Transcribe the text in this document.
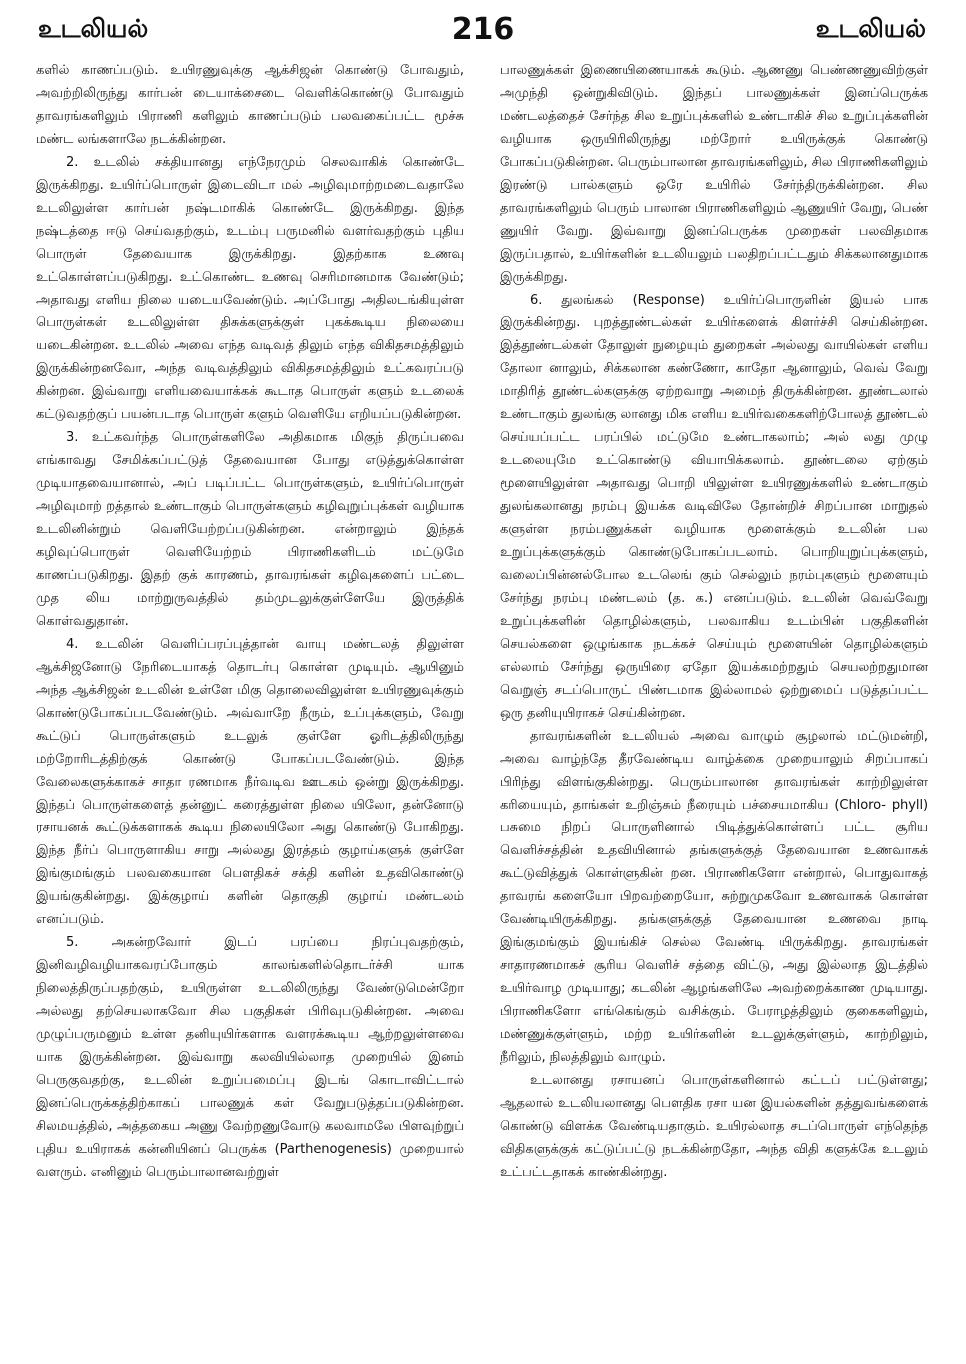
உடலியல்	216	உடலியல்

களில் காணப்படும். உயிரணுவுக்கு ஆக்சிஜன் கொண்டு போவதும், அவற்றிலிருந்து கார்பன் டையாக்சைடை வெளிக்கொண்டு போவதும் தாவரங்களிலும் பிராணி களிலும் காணப்படும் பலவகைப்பட்ட மூச்சு மண்ட லங்களாலே நடக்கின்றன.

2. உடலில் சக்தியானது எந்நேரமும் செலவாகிக் கொண்டே இருக்கிறது. உயிர்ப்பொருள் இடைவிடா மல் அழிவுமாற்றமடைவதாலே உடலிலுள்ள கார்பன் நஷ்டமாகிக் கொண்டே இருக்கிறது. இந்த நஷ்டத்தை ஈடு செய்வதற்கும், உடம்பு பருமனில் வளர்வதற்கும் புதிய பொருள் தேவையாக இருக்கிறது. இதற்காக உணவு உட்கொள்ளப்படுகிறது. உட்கொண்ட உணவு செரிமானமாக வேண்டும்; அதாவது எளிய நிலை யடையவேண்டும். அப்போது அதிலடங்கியுள்ள பொருள்கள் உடலிலுள்ள திசுக்களுக்குள் புகக்கூடிய நிலையை யடைகின்றன. உடலில் அவை எந்த வடிவத் திலும் எந்த விகிதசமத்திலும் இருக்கின்றனவோ, அந்த வடிவத்திலும் விகிதசமத்திலும் உட்கவரப்படு கின்றன. இவ்வாறு எளியவையாக்கக் கூடாத பொருள் களும் உடலைக் கட்டுவதற்குப் பயன்படாத பொருள் களும் வெளியே எறியப்படுகின்றன.

3. உட்கவர்ந்த பொருள்களிலே அதிகமாக மிகுந் திருப்பவை எங்காவது சேமிக்கப்பட்டுத் தேவையான போது எடுத்துக்கொள்ள முடியாதவையானால், அப் படிப்பட்ட பொருள்களும், உயிர்ப்பொருள் அழிவுமாற் றத்தால் உண்டாகும் பொருள்களும் கழிவுறுப்புக்கள் வழியாக உடலினின்றும் வெளியேற்றப்படுகின்றன. என்றாலும் இந்தக் கழிவுப்பொருள் வெளியேற்றம் பிராணிகளிடம் மட்டுமே காணப்படுகிறது. இதற் குக் காரணம், தாவரங்கள் கழிவுகளைப் பட்டை முத லிய மாற்றுருவத்தில் தம்முடலுக்குள்ளேயே இருத்திக் கொள்வதுதான்.

4. உடலின் வெளிப்பரப்புத்தான் வாயு மண்டலத் திலுள்ள ஆக்சிஜனோடு நேரிடையாகத் தொடர்பு கொள்ள முடியும். ஆயினும் அந்த ஆக்சிஜன் உடலின் உள்ளே மிகு தொலைவிலுள்ள உயிரணுவுக்கும் கொண்டுபோகப்படவேண்டும். அவ்வாறே நீரும், உப்புக்களும், வேறு கூட்டுப் பொருள்களும் உடலுக் குள்ளே ஓரிடத்திலிருந்து மற்றோரிடத்திற்குக் கொண்டு போகப்படவேண்டும். இந்த வேலைகளுக்காகச் சாதா ரணமாக நீர்வடிவ ஊடகம் ஒன்று இருக்கிறது. இந்தப் பொருள்களைத் தன்னுட் கரைத்துள்ள நிலை யிலோ, தன்னோடு ரசாயனக் கூட்டுக்களாகக் கூடிய நிலையிலோ அது கொண்டு போகிறது. இந்த நீர்ப் பொருளாகிய சாறு அல்லது இரத்தம் குழாய்களுக் குள்ளே இங்குமங்கும் பலவகையான பௌதிகச் சக்தி களின் உதவிகொண்டு இயங்குகின்றது. இக்குழாய் களின் தொகுதி குழாய் மண்டலம் எனப்படும்.

5. அகன்றவோர் இடப் பரப்பை நிரப்புவதற்கும், இனிவழிவழியாகவரப்போகும் காலங்களில்தொடர்ச்சி யாக நிலைத்திருப்பதற்கும், உயிருள்ள உடலிலிருந்து வேண்டுமென்றோ அல்லது தற்செயலாகவோ சில பகுதிகள் பிரிவுபடுகின்றன. அவை முழுப்பருமனும் உள்ள தனியுயிர்களாக வளரக்கூடிய ஆற்றலுள்ளவை யாக இருக்கின்றன. இவ்வாறு கலவியில்லாத முறையில் இனம் பெருகுவதற்கு, உடலின் உறுப்பமைப்பு இடங் கொடாவிட்டால் இனப்பெருக்கத்திற்காகப் பாலணுக் கள் வேறுபடுத்தப்படுகின்றன. சிலமயத்தில், அத்தகைய அணு வேற்றணுவோடு கலவாமலே பிளவுற்றுப் புதிய உயிராகக் கன்னியினப் பெருக்க (Parthenogenesis) முறையால் வளரும். எனினும் பெரும்பாலானவற்றுள்

பாலணுக்கள் இணையிணையாகக் கூடும். ஆணணு பெண்ணணுவிற்குள் அமுந்தி ஒன்றுகிவிடும். இந்தப் பாலணுக்கள் இனப்பெருக்க மண்டலத்தைச் சேர்ந்த சில உறுப்புக்களில் உண்டாகிச் சில உறுப்புக்களின் வழியாக ஒருயிரிலிருந்து மற்றோர் உயிருக்குக் கொண்டு போகப்படுகின்றன. பெரும்பாலான தாவரங்களிலும், சில பிராணிகளிலும் இரண்டு பால்களும் ஒரே உயிரில் சேர்ந்திருக்கின்றன. சில தாவரங்களிலும் பெரும் பாலான பிராணிகளிலும் ஆணுயிர் வேறு, பெண் ணுயிர் வேறு. இவ்வாறு இனப்பெருக்க முறைகள் பலவிதமாக இருப்பதால், உயிர்களின் உடலியலும் பலதிறப்பட்டதும் சிக்கலானதுமாக இருக்கிறது.

6. துலங்கல் (Response) உயிர்ப்பொருளின் இயல் பாக இருக்கின்றது. புறத்தூண்டல்கள் உயிர்களைக் கிளர்ச்சி செய்கின்றன. இத்தூண்டல்கள் தோலுள் நுழையும் துறைகள் அல்லது வாயில்கள் எளிய தோலா னாலும், சிக்கலான கண்ணோ, காதோ ஆனாலும், வெவ் வேறு மாதிரித் தூண்டல்களுக்கு ஏற்றவாறு அமைந் திருக்கின்றன. தூண்டலால் உண்டாகும் துலங்கு லானது மிக எளிய உயிர்வகைகளிற்போலத் தூண்டல் செய்யப்பட்ட பரப்பில் மட்டுமே உண்டாகலாம்; அல் லது முழு உடலையுமே உட்கொண்டு வியாபிக்கலாம். தூண்டலை ஏற்கும் மூளையிலுள்ள அதாவது பொறி யிலுள்ள உயிரணுக்களில் உண்டாகும் துலங்கலானது நரம்பு இயக்க வடிவிலே தோன்றிச் சிறப்பான மாறுதல் களுள்ள நரம்பணுக்கள் வழியாக மூளைக்கும் உடலின் பல உறுப்புக்களுக்கும் கொண்டுபோகப்படலாம். பொறியுறுப்புக்களும், வலைப்பின்னல்போல உடலெங் கும் செல்லும் நரம்புகளும் மூளையும் சேர்ந்து நரம்பு மண்டலம் (த. க.) எனப்படும். உடலின் வெவ்வேறு உறுப்புக்களின் தொழில்களும், பலவாகிய உடம்பின் பகுதிகளின் செயல்களை ஒழுங்காக நடக்கச் செய்யும் மூளையின் தொழில்களும் எல்லாம் சேர்ந்து ஒருயிரை ஏதோ இயக்கமற்றதும் செயலற்றதுமான வெறுஞ் சடப்பொருட் பிண்டமாக இல்லாமல் ஒற்றுமைப் படுத்தப்பட்ட ஒரு தனியுயிராகச் செய்கின்றன.

தாவரங்களின் உடலியல் அவை வாழும் சூழலால் மட்டுமன்றி, அவை வாழ்ந்தே தீரவேண்டிய வாழ்க்கை முறையாலும் சிறப்பாகப் பிரிந்து விளங்குகின்றது. பெரும்பாலான தாவரங்கள் காற்றிலுள்ள கரியையும், தாங்கள் உறிஞ்சும் நீரையும் பச்சையமாகிய (Chloro- phyll) பசுமை நிறப் பொருளினால் பிடித்துக்கொள்ளப் பட்ட சூரிய வெளிச்சத்தின் உதவியினால் தங்களுக்குத் தேவையான உணவாகக் கூட்டுவித்துக் கொள்ளுகின் றன. பிராணிகளோ என்றால், பொதுவாகத் தாவரங் களையோ பிறவற்றையோ, சுற்றுமுகவோ உணவாகக் கொள்ள வேண்டியிருக்கிறது. தங்களுக்குத் தேவையான உணவை நாடி இங்குமங்கும் இயங்கிச் செல்ல வேண்டி யிருக்கிறது. தாவரங்கள் சாதாரணமாகச் சூரிய வெளிச் சத்தை விட்டு, அது இல்லாத இடத்தில் உயிர்வாழ முடியாது; கடலின் ஆழங்களிலே அவற்றைக்காண முடியாது. பிராணிகளோ எங்கெங்கும் வசிக்கும். பேராழத்திலும் குகைகளிலும், மண்ணுக்குள்ளும், மற்ற உயிர்களின் உடலுக்குள்ளும், காற்றிலும், நீரிலும், நிலத்திலும் வாழும்.

உடலானது ரசாயனப் பொருள்களினால் கட்டப் பட்டுள்ளது; ஆதலால் உடலியலானது பௌதிக ரசா யன இயல்களின் தத்துவங்களைக் கொண்டு விளக்க வேண்டியதாகும். உயிரல்லாத சடப்பொருள் எந்தெந்த விதிகளுக்குக் கட்டுப்பட்டு நடக்கின்றதோ, அந்த விதி களுக்கே உடலும் உட்பட்டதாகக் காண்கின்றது.
